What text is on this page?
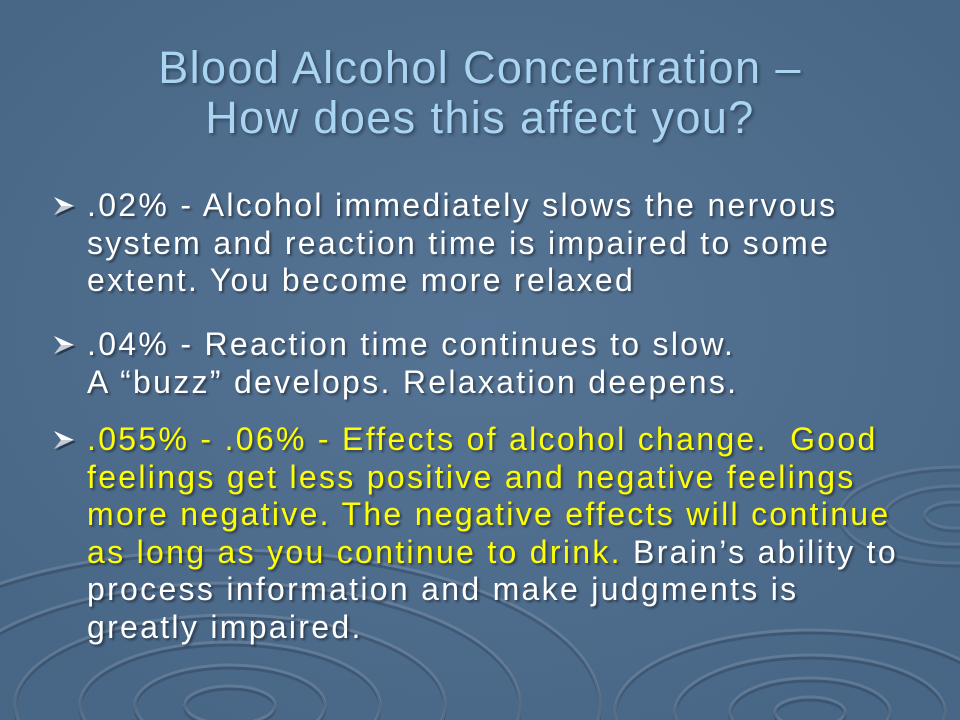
Blood Alcohol Concentration –
How does this affect you?
.02% - Alcohol immediately slows the nervous
system and reaction time is impaired to some
extent. You become more relaxed
.04% - Reaction time continues to slow.
A “buzz” develops. Relaxation deepens.
.055% - .06% - Effects of alcohol change.  Good
feelings get less positive and negative feelings
more negative. The negative effects will continue
as long as you continue to drink. Brain’s ability to
process information and make judgments is
greatly impaired.
